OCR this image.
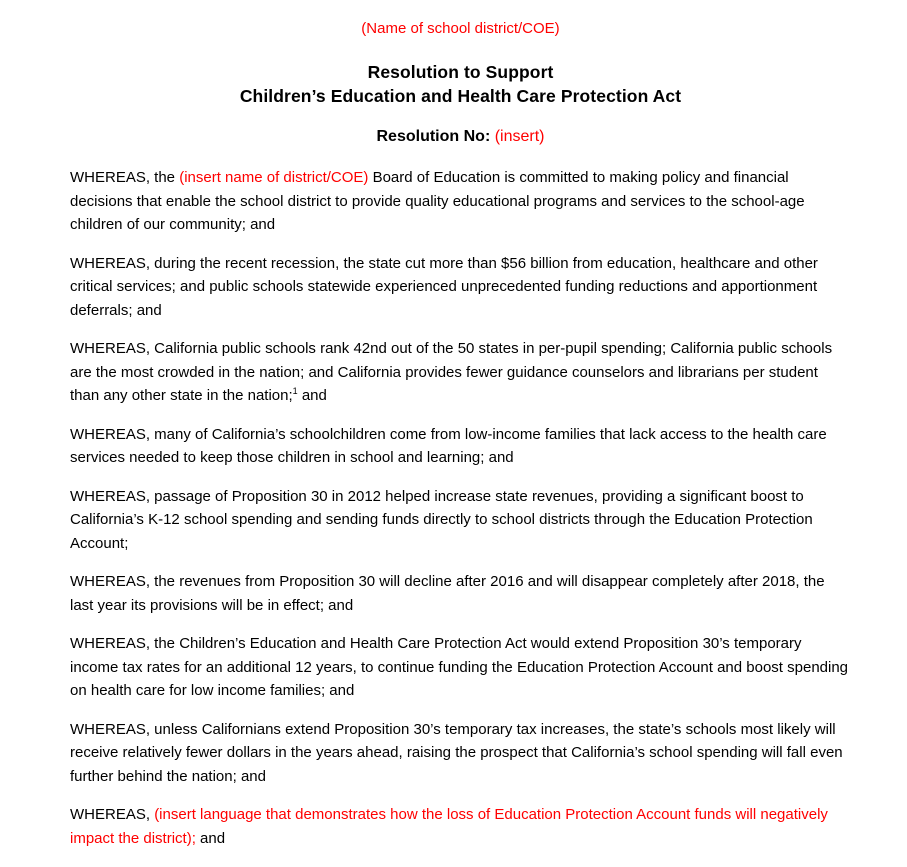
(Name of school district/COE)
Resolution to Support
Children’s Education and Health Care Protection Act
Resolution No: (insert)

WHEREAS, the (insert name of district/COE) Board of Education is committed to making policy and financial decisions that enable the school district to provide quality educational programs and services to the school-age children of our community; and

WHEREAS, during the recent recession, the state cut more than $56 billion from education, healthcare and other critical services; and public schools statewide experienced unprecedented funding reductions and apportionment deferrals; and

WHEREAS, California public schools rank 42nd out of the 50 states in per-pupil spending; California public schools are the most crowded in the nation; and California provides fewer guidance counselors and librarians per student than any other state in the nation;$^1$ and

WHEREAS, many of California’s schoolchildren come from low-income families that lack access to the health care services needed to keep those children in school and learning; and

WHEREAS, passage of Proposition 30 in 2012 helped increase state revenues, providing a significant boost to California’s K-12 school spending and sending funds directly to school districts through the Education Protection Account;

WHEREAS, the revenues from Proposition 30 will decline after 2016 and will disappear completely after 2018, the last year its provisions will be in effect; and

WHEREAS, the Children’s Education and Health Care Protection Act would extend Proposition 30’s temporary income tax rates for an additional 12 years, to continue funding the Education Protection Account and boost spending on health care for low income families; and

WHEREAS, unless Californians extend Proposition 30’s temporary tax increases, the state’s schools most likely will receive relatively fewer dollars in the years ahead, raising the prospect that California’s school spending will fall even further behind the nation; and

WHEREAS, (insert language that demonstrates how the loss of Education Protection Account funds will negatively impact the district); and
